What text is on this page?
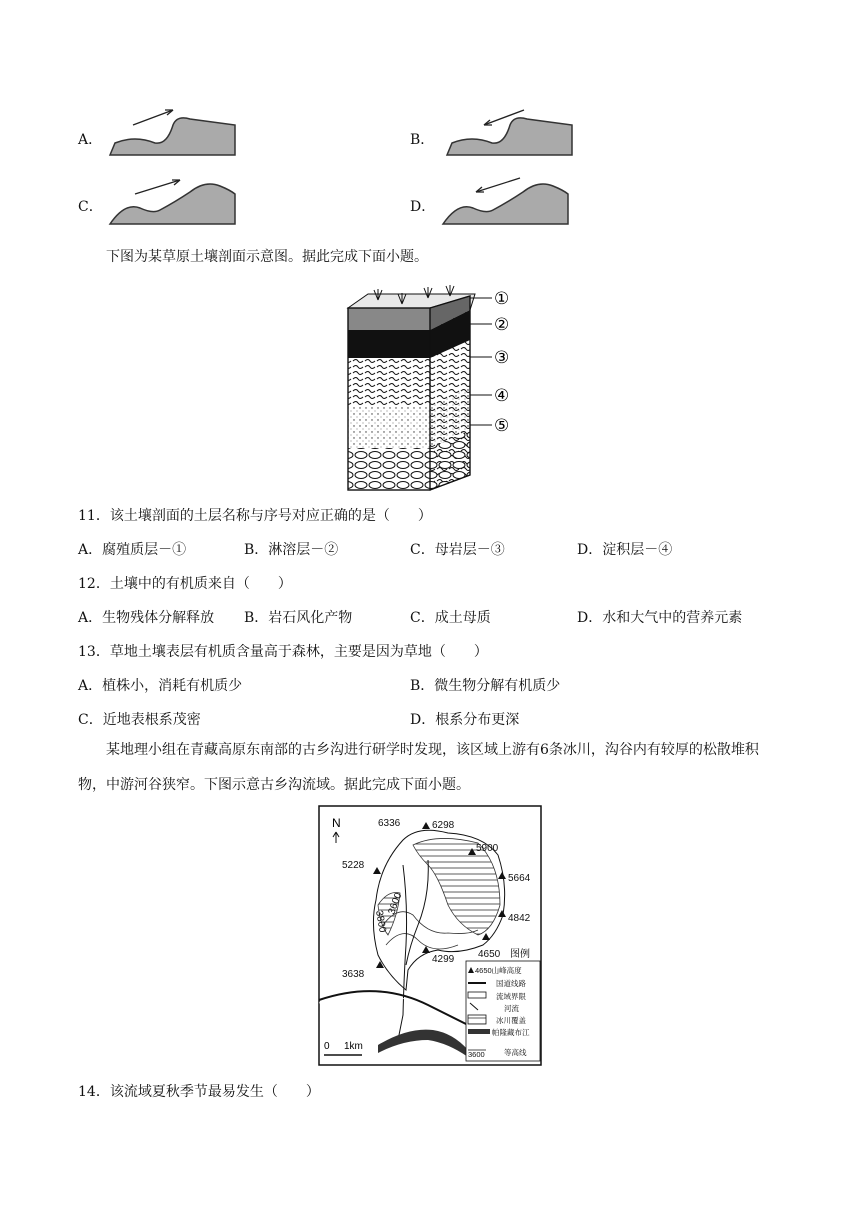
A．	B．
C．	D．
下图为某草原土壤剖面示意图。据此完成下面小题。
①
②
③
④
⑤
11．该土壤剖面的土层名称与序号对应正确的是（　　）
A．腐殖质层－①	B．淋溶层－②	C．母岩层－③	D．淀积层－④
12．土壤中的有机质来自（　　）
A．生物残体分解释放 B．岩石风化产物	C．成土母质	D．水和大气中的营养元素
13．草地土壤表层有机质含量高于森林，主要是因为草地（　　）
A．植株小，消耗有机质少	B．微生物分解有机质少
C．近地表根系茂密	D．根系分布更深
某地理小组在青藏高原东南部的古乡沟进行研学时发现，该区域上游有6条冰川，沟谷内有较厚的松散堆积物，中游河谷狭窄。下图示意古乡沟流域。据此完成下面小题。
N	6336	6298
5900
5228
5664
4842
4650
3638
4299
3800
3600
0 1km
图例
4650山峰高度
国道线路
流域界限
河流
冰川覆盖
帕隆藏布江
3600	等高线
14．该流域夏秋季节最易发生（　　）
